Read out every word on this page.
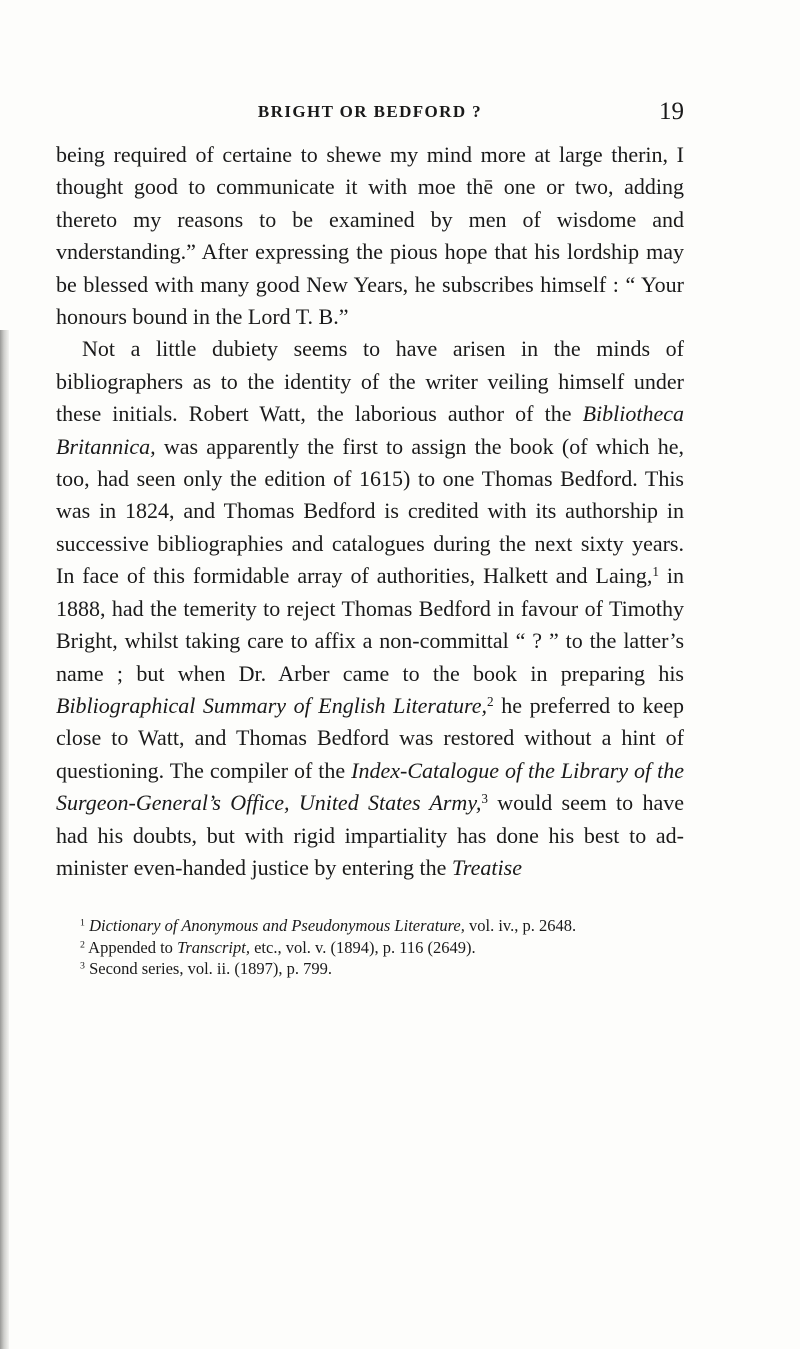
BRIGHT OR BEDFORD ?	19

being required of certaine to shewe my mind more at large therin, I thought good to communicate it with moe thē one or two, adding thereto my reasons to be examined by men of wisdome and vnderstanding.” After expressing the pious hope that his lordship may be blessed with many good New Years, he subscribes himself : “ Your honours bound in the Lord T. B.”

Not a little dubiety seems to have arisen in the minds of bibliographers as to the identity of the writer veiling himself under these initials. Robert Watt, the laborious author of the Bibliotheca Britannica, was apparently the first to assign the book (of which he, too, had seen only the edition of 1615) to one Thomas Bedford. This was in 1824, and Thomas Bedford is credited with its authorship in successive bibliographies and catalogues during the next sixty years. In face of this formidable array of authorities, Halkett and Laing,$^1$ in 1888, had the temerity to reject Thomas Bedford in favour of Timothy Bright, whilst taking care to affix a non-committal “ ? ” to the latter’s name ; but when Dr. Arber came to the book in preparing his Bibliographical Summary of English Literature,$^2$ he preferred to keep close to Watt, and Thomas Bedford was restored without a hint of questioning. The compiler of the Index-Catalogue of the Library of the Surgeon-General’s Office, United States Army,$^3$ would seem to have had his doubts, but with rigid impartiality has done his best to ad-minister even-handed justice by entering the Treatise

$^1$ Dictionary of Anonymous and Pseudonymous Literature, vol. iv., p. 2648.

$^2$ Appended to Transcript, etc., vol. v. (1894), p. 116 (2649).

$^3$ Second series, vol. ii. (1897), p. 799.
